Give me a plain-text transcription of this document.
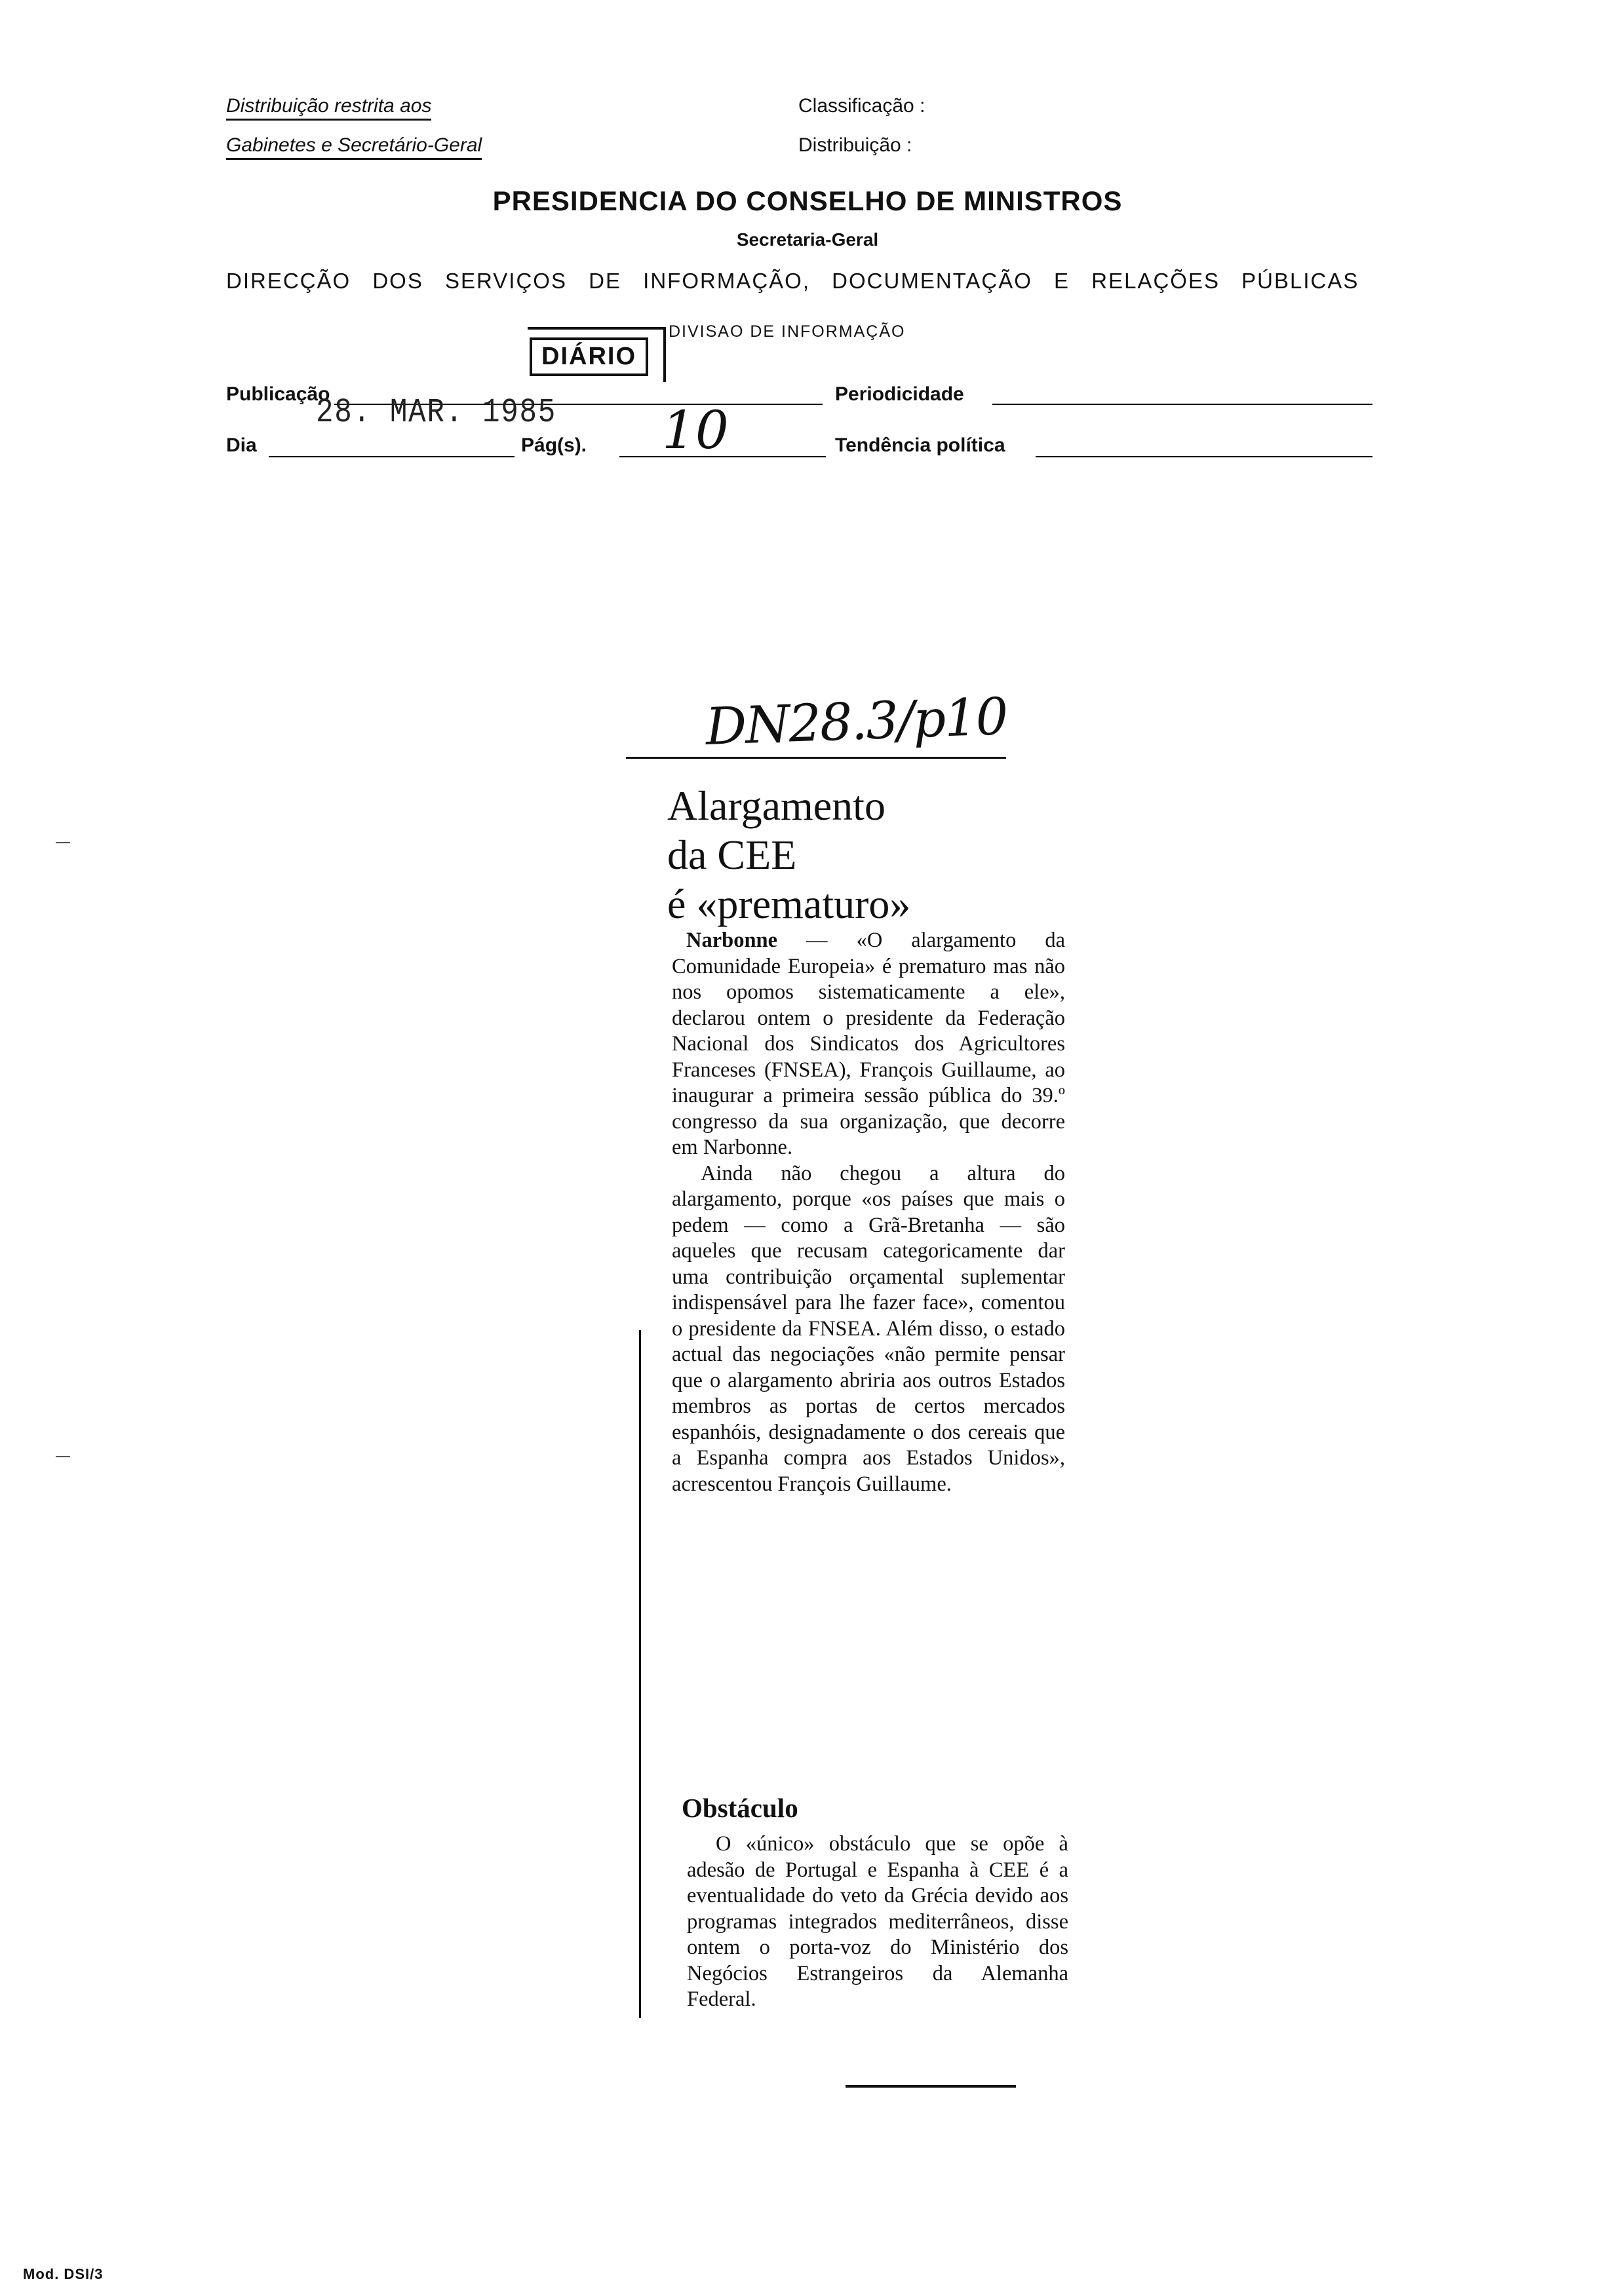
Distribuição restrita aos
Gabinetes e Secretário-Geral
Classificação :
Distribuição :
PRESIDENCIA DO CONSELHO DE MINISTROS
Secretaria-Geral
DIRECÇÃO DOS SERVIÇOS DE INFORMAÇÃO, DOCUMENTAÇÃO E RELAÇÕES PÚBLICAS
DIVISAO DE INFORMAÇÃO
DIÁRIO
Publicação
28. MAR. 1985	Periodicidade
Dia	Pág(s). 10	Tendência política
DN28.3/p10
Alargamento
da CEE
é «prematuro»

Narbonne — «O alargamento da Comunidade Europeia» é prematuro mas não nos opomos sistematicamente a ele», declarou ontem o presidente da Federação Nacional dos Sindicatos dos Agricultores Franceses (FNSEA), François Guillaume, ao inaugurar a primeira sessão pública do 39.º congresso da sua organização, que decorre em Narbonne.

Ainda não chegou a altura do alargamento, porque «os países que mais o pedem — como a Grã-Bretanha — são aqueles que recusam categoricamente dar uma contribuição orçamental suplementar indispensável para lhe fazer face», comentou o presidente da FNSEA. Além disso, o estado actual das negociações «não permite pensar que o alargamento abriria aos outros Estados membros as portas de certos mercados espanhóis, designadamente o dos cereais que a Espanha compra aos Estados Unidos», acrescentou François Guillaume.

Obstáculo

O «único» obstáculo que se opõe à adesão de Portugal e Espanha à CEE é a eventualidade do veto da Grécia devido aos programas integrados mediterrâneos, disse ontem o porta-voz do Ministério dos Negócios Estrangeiros da Alemanha Federal.

Mod. DSI/3
